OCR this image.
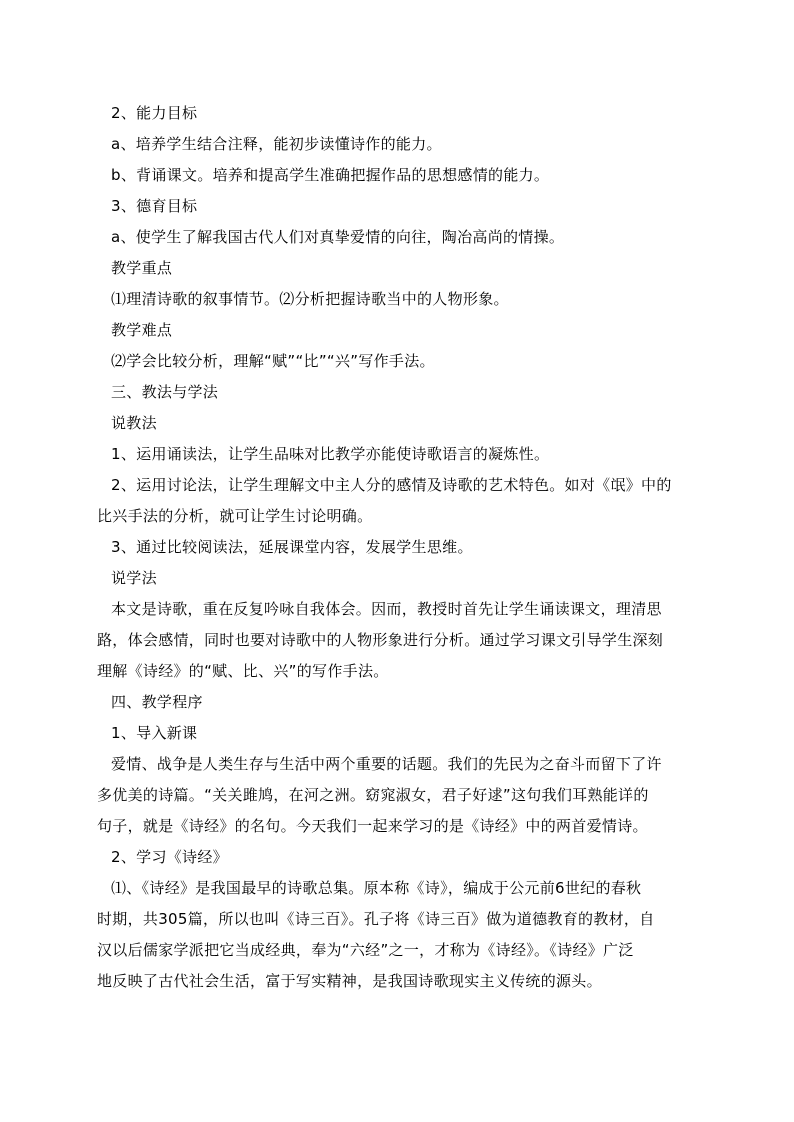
2、能力目标
a、培养学生结合注释，能初步读懂诗作的能力。
b、背诵课文。培养和提高学生准确把握作品的思想感情的能力。
3、德育目标
a、使学生了解我国古代人们对真挚爱情的向往，陶冶高尚的情操。
教学重点
⑴理清诗歌的叙事情节。⑵分析把握诗歌当中的人物形象。
教学难点
⑵学会比较分析，理解“赋”“比”“兴”写作手法。
三、教法与学法
说教法
1、运用诵读法，让学生品味对比教学亦能使诗歌语言的凝炼性。
2、运用讨论法，让学生理解文中主人分的感情及诗歌的艺术特色。如对《氓》中的
比兴手法的分析，就可让学生讨论明确。
3、通过比较阅读法，延展课堂内容，发展学生思维。
说学法
本文是诗歌，重在反复吟咏自我体会。因而，教授时首先让学生诵读课文，理清思
路，体会感情，同时也要对诗歌中的人物形象进行分析。通过学习课文引导学生深刻
理解《诗经》的“赋、比、兴”的写作手法。
四、教学程序
1、导入新课
爱情、战争是人类生存与生活中两个重要的话题。我们的先民为之奋斗而留下了许
多优美的诗篇。“关关雎鸠，在河之洲。窈窕淑女，君子好逑”这句我们耳熟能详的
句子，就是《诗经》的名句。今天我们一起来学习的是《诗经》中的两首爱情诗。
2、学习《诗经》
⑴、《诗经》是我国最早的诗歌总集。原本称《诗》，编成于公元前6世纪的春秋
时期，共305篇，所以也叫《诗三百》。孔子将《诗三百》做为道德教育的教材，自
汉以后儒家学派把它当成经典，奉为“六经”之一，才称为《诗经》。《诗经》广泛
地反映了古代社会生活，富于写实精神，是我国诗歌现实主义传统的源头。
